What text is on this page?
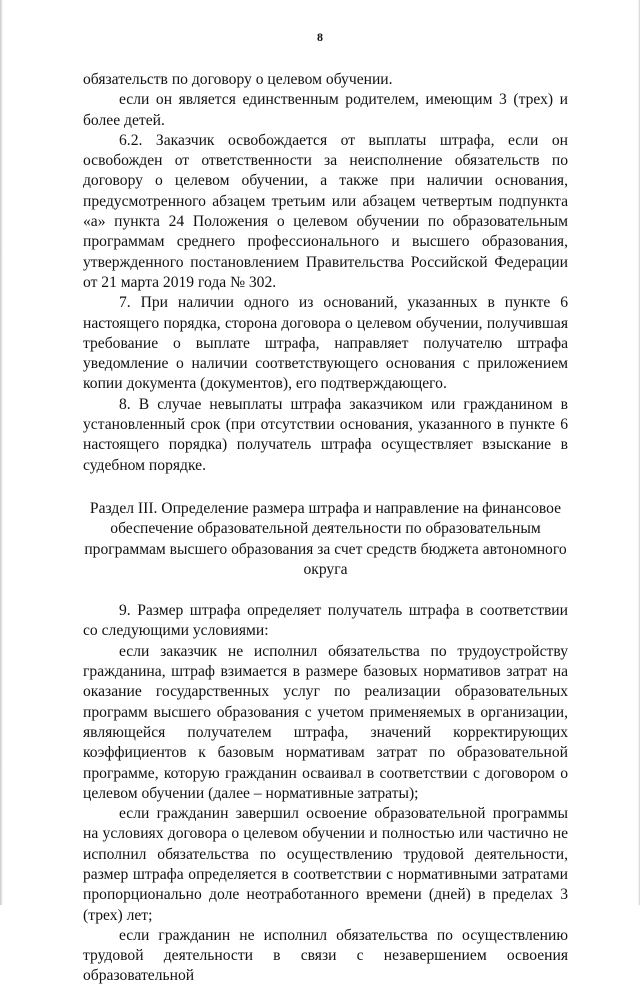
8

обязательств по договору о целевом обучении.

если он является единственным родителем, имеющим 3 (трех) и более детей.

6.2. Заказчик освобождается от выплаты штрафа, если он освобожден от ответственности за неисполнение обязательств по договору о целевом обучении, а также при наличии основания, предусмотренного абзацем третьим или абзацем четвертым подпункта «а» пункта 24 Положения о целевом обучении по образовательным программам среднего профессионального и высшего образования, утвержденного постановлением Правительства Российской Федерации от 21 марта 2019 года № 302.

7. При наличии одного из оснований, указанных в пункте 6 настоящего порядка, сторона договора о целевом обучении, получившая требование о выплате штрафа, направляет получателю штрафа уведомление о наличии соответствующего основания с приложением копии документа (документов), его подтверждающего.

8. В случае невыплаты штрафа заказчиком или гражданином в установленный срок (при отсутствии основания, указанного в пункте 6 настоящего порядка) получатель штрафа осуществляет взыскание в судебном порядке.

Раздел III. Определение размера штрафа и направление на финансовое обеспечение образовательной деятельности по образовательным программам высшего образования за счет средств бюджета автономного округа

9. Размер штрафа определяет получатель штрафа в соответствии со следующими условиями:

если заказчик не исполнил обязательства по трудоустройству гражданина, штраф взимается в размере базовых нормативов затрат на оказание государственных услуг по реализации образовательных программ высшего образования с учетом применяемых в организации, являющейся получателем штрафа, значений корректирующих коэффициентов к базовым нормативам затрат по образовательной программе, которую гражданин осваивал в соответствии с договором о целевом обучении (далее – нормативные затраты);

если гражданин завершил освоение образовательной программы на условиях договора о целевом обучении и полностью или частично не исполнил обязательства по осуществлению трудовой деятельности, размер штрафа определяется в соответствии с нормативными затратами пропорционально доле неотработанного времени (дней) в пределах 3 (трех) лет;

если гражданин не исполнил обязательства по осуществлению трудовой деятельности в связи с незавершением освоения образовательной
